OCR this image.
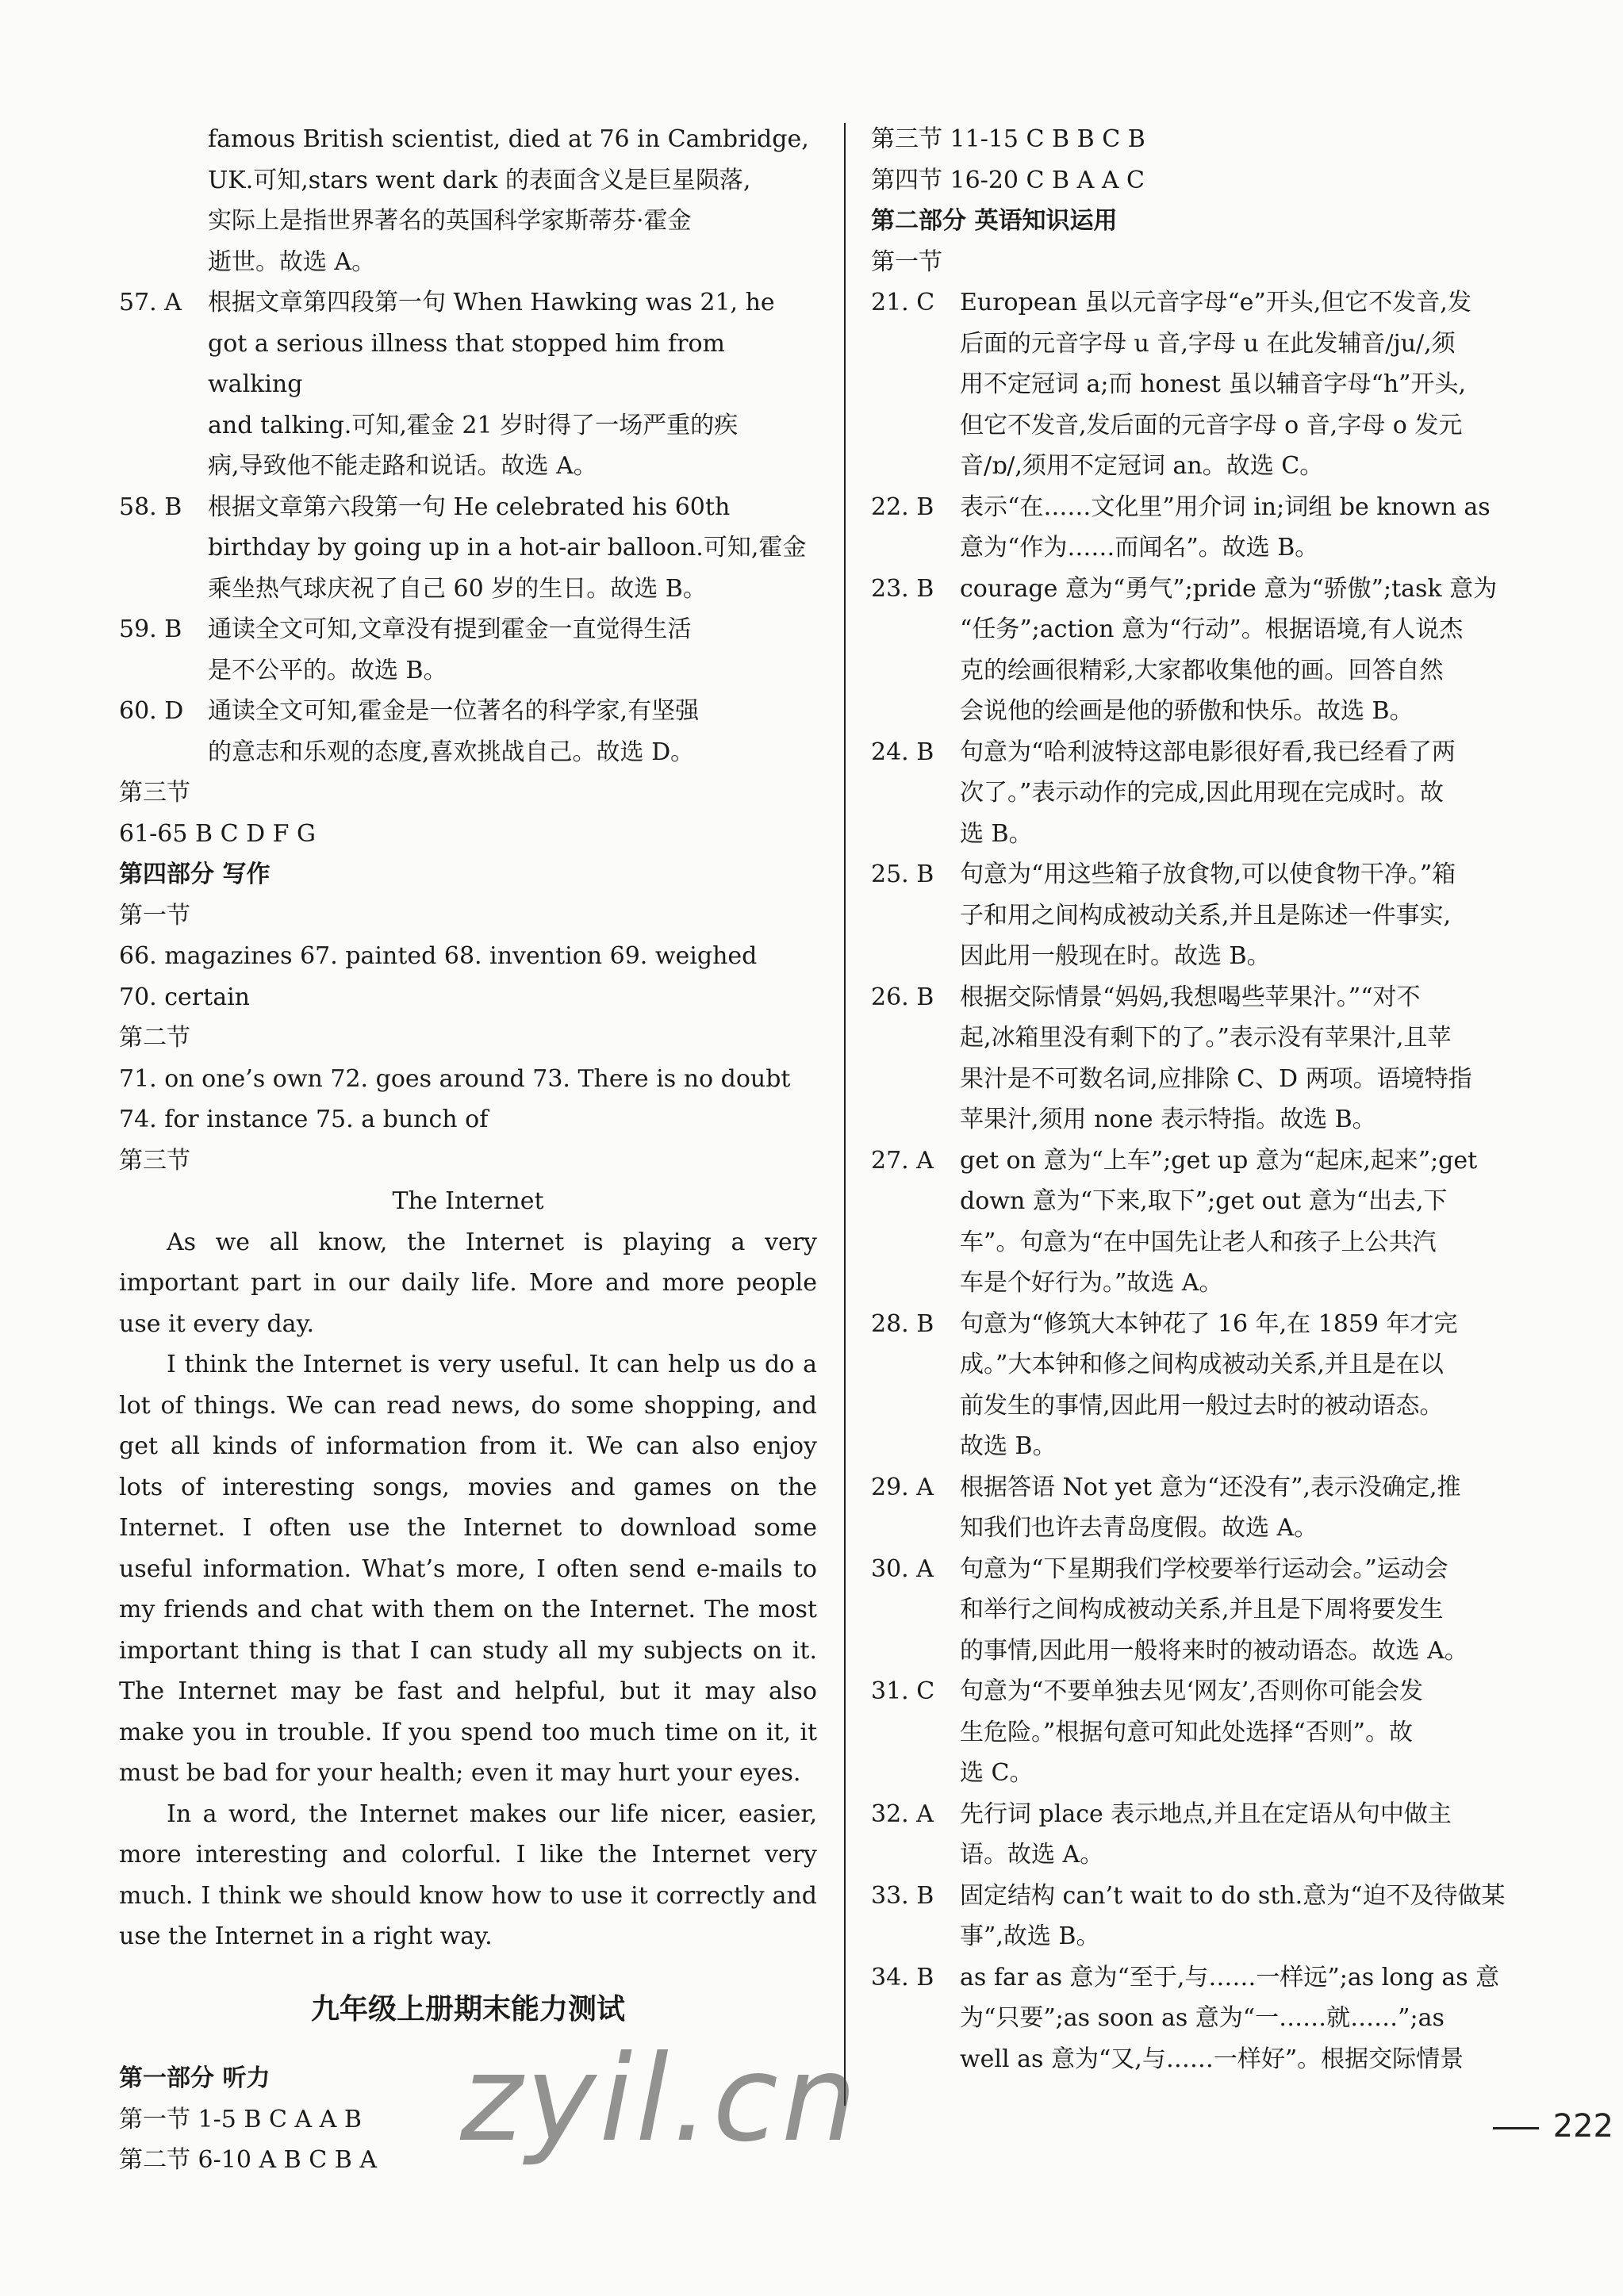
famous British scientist, died at 76 in Cambridge,

UK.可知,stars went dark 的表面含义是巨星陨落,

实际上是指世界著名的英国科学家斯蒂芬·霍金

逝世。故选 A。

57. A	根据文章第四段第一句 When Hawking was 21, he
got a serious illness that stopped him from walking
and talking.可知,霍金 21 岁时得了一场严重的疾
病,导致他不能走路和说话。故选 A。
58. B	根据文章第六段第一句 He celebrated his 60th
birthday by going up in a hot-air balloon.可知,霍金
乘坐热气球庆祝了自己 60 岁的生日。故选 B。
59. B	通读全文可知,文章没有提到霍金一直觉得生活
是不公平的。故选 B。
60. D	通读全文可知,霍金是一位著名的科学家,有坚强
的意志和乐观的态度,喜欢挑战自己。故选 D。

第三节

61-65 B C D F G

第四部分 写作

第一节

66. magazines 67. painted 68. invention 69. weighed

70. certain

第二节

71. on one’s own 72. goes around 73. There is no doubt

74. for instance 75. a bunch of

第三节

The Internet

As we all know, the Internet is playing a very important part in our daily life. More and more people use it every day.

I think the Internet is very useful. It can help us do a lot of things. We can read news, do some shopping, and get all kinds of information from it. We can also enjoy lots of interesting songs, movies and games on the Internet. I often use the Internet to download some useful information. What’s more, I often send e-mails to my friends and chat with them on the Internet. The most important thing is that I can study all my subjects on it. The Internet may be fast and helpful, but it may also make you in trouble. If you spend too much time on it, it must be bad for your health; even it may hurt your eyes.

In a word, the Internet makes our life nicer, easier, more interesting and colorful. I like the Internet very much. I think we should know how to use it correctly and use the Internet in a right way.

九年级上册期末能力测试

第一部分 听力

第一节 1-5 B C A A B

第二节 6-10 A B C B A

第三节 11-15 C B B C B

第四节 16-20 C B A A C

第二部分 英语知识运用

第一节

21. C	European 虽以元音字母“e”开头,但它不发音,发
后面的元音字母 u 音,字母 u 在此发辅音/ju/,须
用不定冠词 a;而 honest 虽以辅音字母“h”开头,
但它不发音,发后面的元音字母 o 音,字母 o 发元
音/ɒ/,须用不定冠词 an。故选 C。
22. B	表示“在……文化里”用介词 in;词组 be known as
意为“作为……而闻名”。故选 B。
23. B	courage 意为“勇气”;pride 意为“骄傲”;task 意为
“任务”;action 意为“行动”。根据语境,有人说杰
克的绘画很精彩,大家都收集他的画。回答自然
会说他的绘画是他的骄傲和快乐。故选 B。
24. B	句意为“哈利波特这部电影很好看,我已经看了两
次了。”表示动作的完成,因此用现在完成时。故
选 B。
25. B	句意为“用这些箱子放食物,可以使食物干净。”箱
子和用之间构成被动关系,并且是陈述一件事实,
因此用一般现在时。故选 B。
26. B	根据交际情景“妈妈,我想喝些苹果汁。”“对不
起,冰箱里没有剩下的了。”表示没有苹果汁,且苹
果汁是不可数名词,应排除 C、D 两项。语境特指
苹果汁,须用 none 表示特指。故选 B。
27. A	get on 意为“上车”;get up 意为“起床,起来”;get
down 意为“下来,取下”;get out 意为“出去,下
车”。句意为“在中国先让老人和孩子上公共汽
车是个好行为。”故选 A。
28. B	句意为“修筑大本钟花了 16 年,在 1859 年才完
成。”大本钟和修之间构成被动关系,并且是在以
前发生的事情,因此用一般过去时的被动语态。
故选 B。
29. A	根据答语 Not yet 意为“还没有”,表示没确定,推
知我们也许去青岛度假。故选 A。
30. A	句意为“下星期我们学校要举行运动会。”运动会
和举行之间构成被动关系,并且是下周将要发生
的事情,因此用一般将来时的被动语态。故选 A。
31. C	句意为“不要单独去见‘网友’,否则你可能会发
生危险。”根据句意可知此处选择“否则”。故
选 C。
32. A	先行词 place 表示地点,并且在定语从句中做主
语。故选 A。
33. B	固定结构 can’t wait to do sth.意为“迫不及待做某
事”,故选 B。
34. B	as far as 意为“至于,与……一样远”;as long as 意
为“只要”;as soon as 意为“一……就……”;as
well as 意为“又,与……一样好”。根据交际情景
zyil.cn	222
